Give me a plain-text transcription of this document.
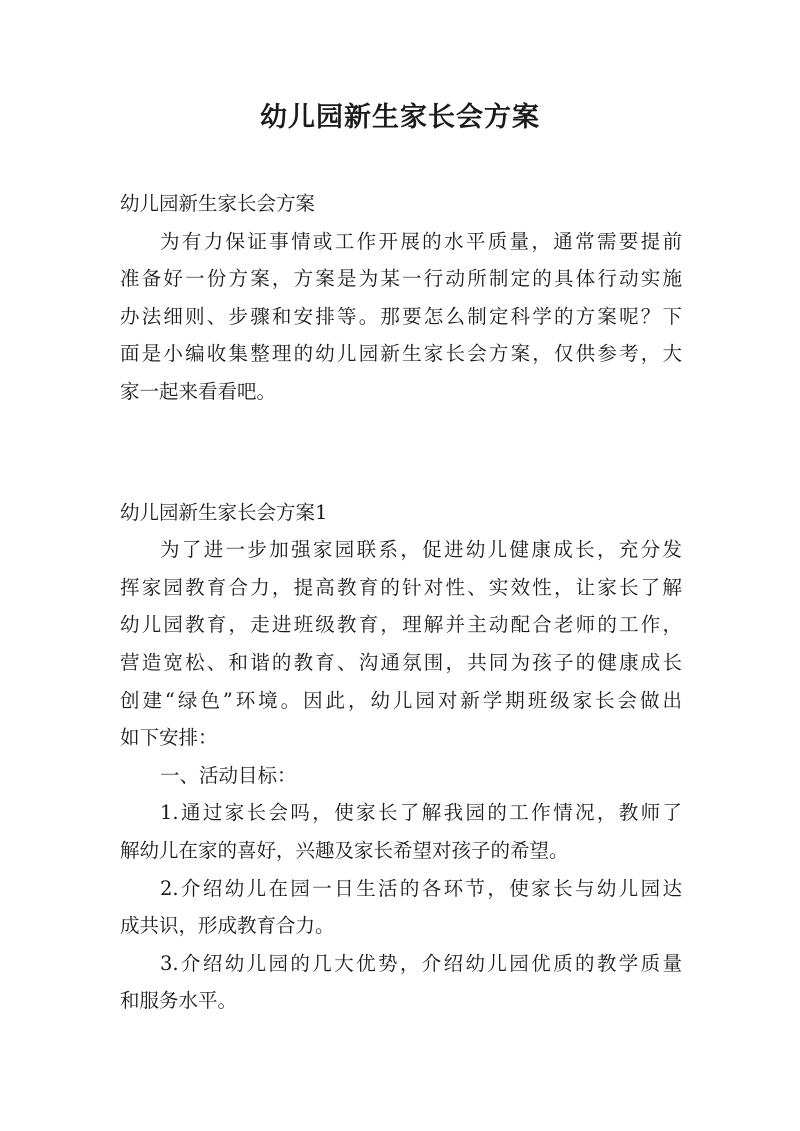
幼儿园新生家长会方案

幼儿园新生家长会方案

为有力保证事情或工作开展的水平质量，通常需要提前

准备好一份方案，方案是为某一行动所制定的具体行动实施

办法细则、步骤和安排等。那要怎么制定科学的方案呢？下

面是小编收集整理的幼儿园新生家长会方案，仅供参考，大

家一起来看看吧。

幼儿园新生家长会方案1

为了进一步加强家园联系，促进幼儿健康成长，充分发

挥家园教育合力，提高教育的针对性、实效性，让家长了解

幼儿园教育，走进班级教育，理解并主动配合老师的工作，

营造宽松、和谐的教育、沟通氛围，共同为孩子的健康成长

创建“绿色”环境。因此，幼儿园对新学期班级家长会做出

如下安排：

一、活动目标：

1.通过家长会吗，使家长了解我园的工作情况，教师了

解幼儿在家的喜好，兴趣及家长希望对孩子的希望。

2.介绍幼儿在园一日生活的各环节，使家长与幼儿园达

成共识，形成教育合力。

3.介绍幼儿园的几大优势，介绍幼儿园优质的教学质量

和服务水平。
